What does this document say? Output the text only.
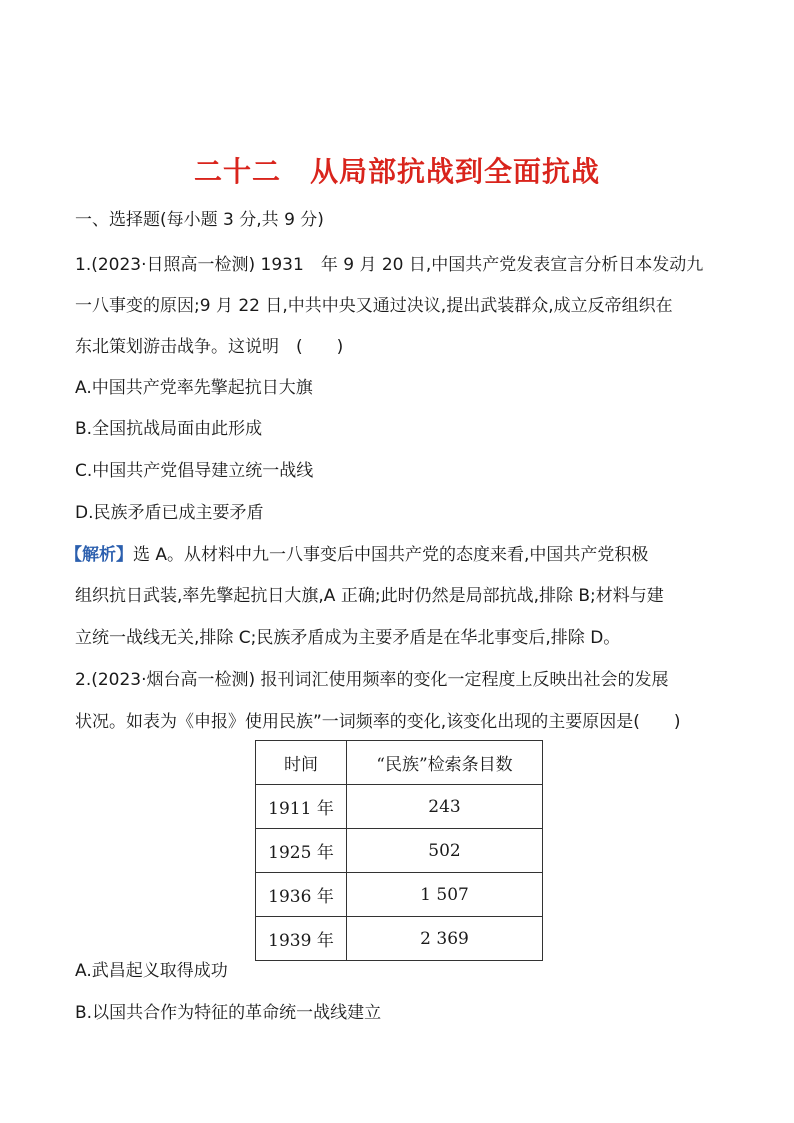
二十二　从局部抗战到全面抗战
一、选择题(每小题 3 分,共 9 分)
1.(2023·日照高一检测) 1931　年 9 月 20 日,中国共产党发表宣言分析日本发动九
一八事变的原因;9 月 22 日,中共中央又通过决议,提出武装群众,成立反帝组织在
东北策划游击战争。这说明　(　　)
A.中国共产党率先擎起抗日大旗
B.全国抗战局面由此形成
C.中国共产党倡导建立统一战线
D.民族矛盾已成主要矛盾
【解析】选 A。从材料中九一八事变后中国共产党的态度来看,中国共产党积极
组织抗日武装,率先擎起抗日大旗,A 正确;此时仍然是局部抗战,排除 B;材料与建
立统一战线无关,排除 C;民族矛盾成为主要矛盾是在华北事变后,排除 D。
2.(2023·烟台高一检测) 报刊词汇使用频率的变化一定程度上反映出社会的发展
状况。如表为《申报》使用民族”一词频率的变化,该变化出现的主要原因是(　　)
时间	“民族”检索条目数
1911 年	243
1925 年	502
1936 年	1 507
1939 年	2 369
A.武昌起义取得成功
B.以国共合作为特征的革命统一战线建立
